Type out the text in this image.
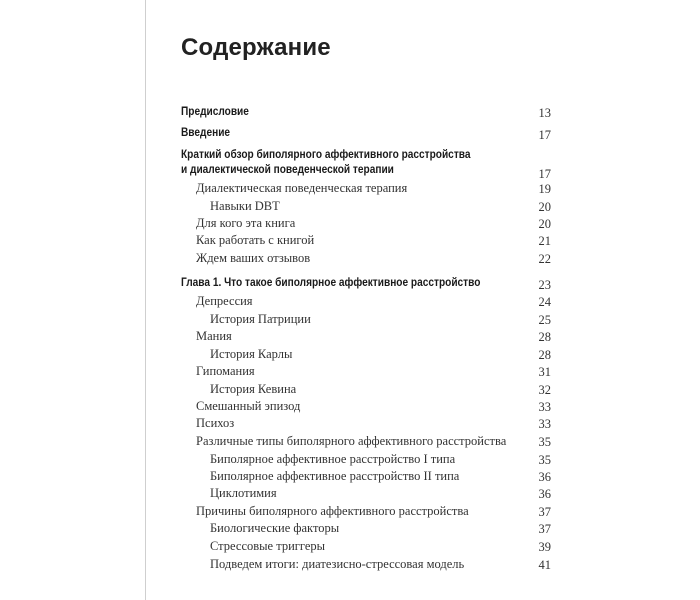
Содержание
Предисловие	13
Введение	17
Краткий обзор биполярного аффективного расстройства
и диалектической поведенческой терапии	17
Диалектическая поведенческая терапия	19
Навыки DBT	20
Для кого эта книга	20
Как работать с книгой	21
Ждем ваших отзывов	22
Глава 1. Что такое биполярное аффективное расстройство	23
Депрессия	24
История Патриции	25
Мания	28
История Карлы	28
Гипомания	31
История Кевина	32
Смешанный эпизод	33
Психоз	33
Различные типы биполярного аффективного расстройства	35
Биполярное аффективное расстройство I типа	35
Биполярное аффективное расстройство II типа	36
Циклотимия	36
Причины биполярного аффективного расстройства	37
Биологические факторы	37
Стрессовые триггеры	39
Подведем итоги: диатезисно-стрессовая модель	41
